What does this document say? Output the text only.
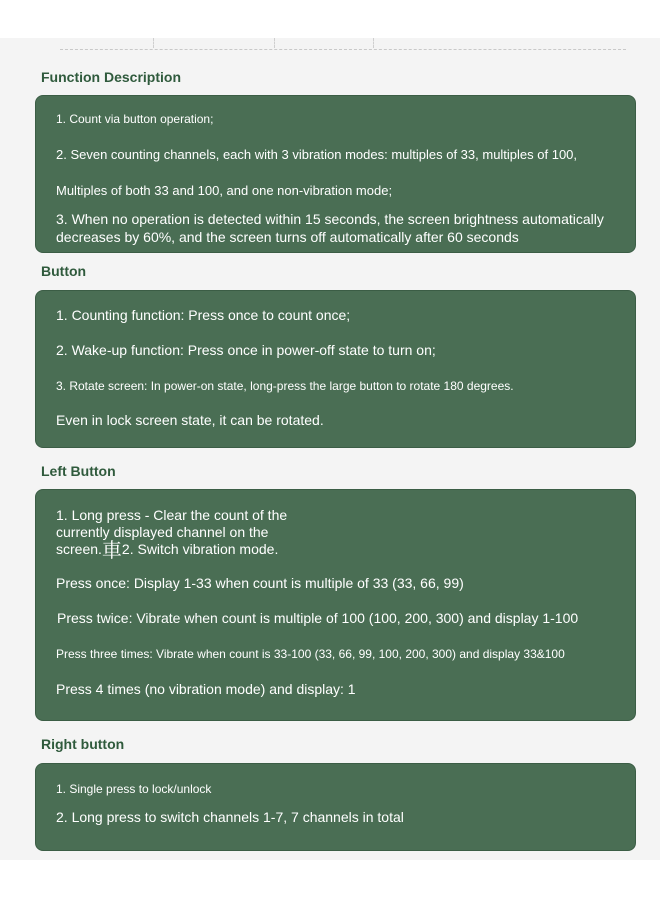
Function Description

1. Count via button operation;

2. Seven counting channels, each with 3 vibration modes: multiples of 33, multiples of 100,

Multiples of both 33 and 100, and one non-vibration mode;

3. When no operation is detected within 15 seconds, the screen brightness automatically decreases by 60%, and the screen turns off automatically after 60 seconds

Button

1. Counting function: Press once to count once;

2. Wake-up function: Press once in power-off state to turn on;

3. Rotate screen: In power-on state, long-press the large button to rotate 180 degrees.

Even in lock screen state, it can be rotated.

Left Button

1. Long press - Clear the count of the currently displayed channel on the screen.車2. Switch vibration mode.

Press once: Display 1-33 when count is multiple of 33 (33, 66, 99)

Press twice: Vibrate when count is multiple of 100 (100, 200, 300) and display 1-100

Press three times: Vibrate when count is 33-100 (33, 66, 99, 100, 200, 300) and display 33&100

Press 4 times (no vibration mode) and display: 1

Right button

1. Single press to lock/unlock

2. Long press to switch channels 1-7, 7 channels in total
